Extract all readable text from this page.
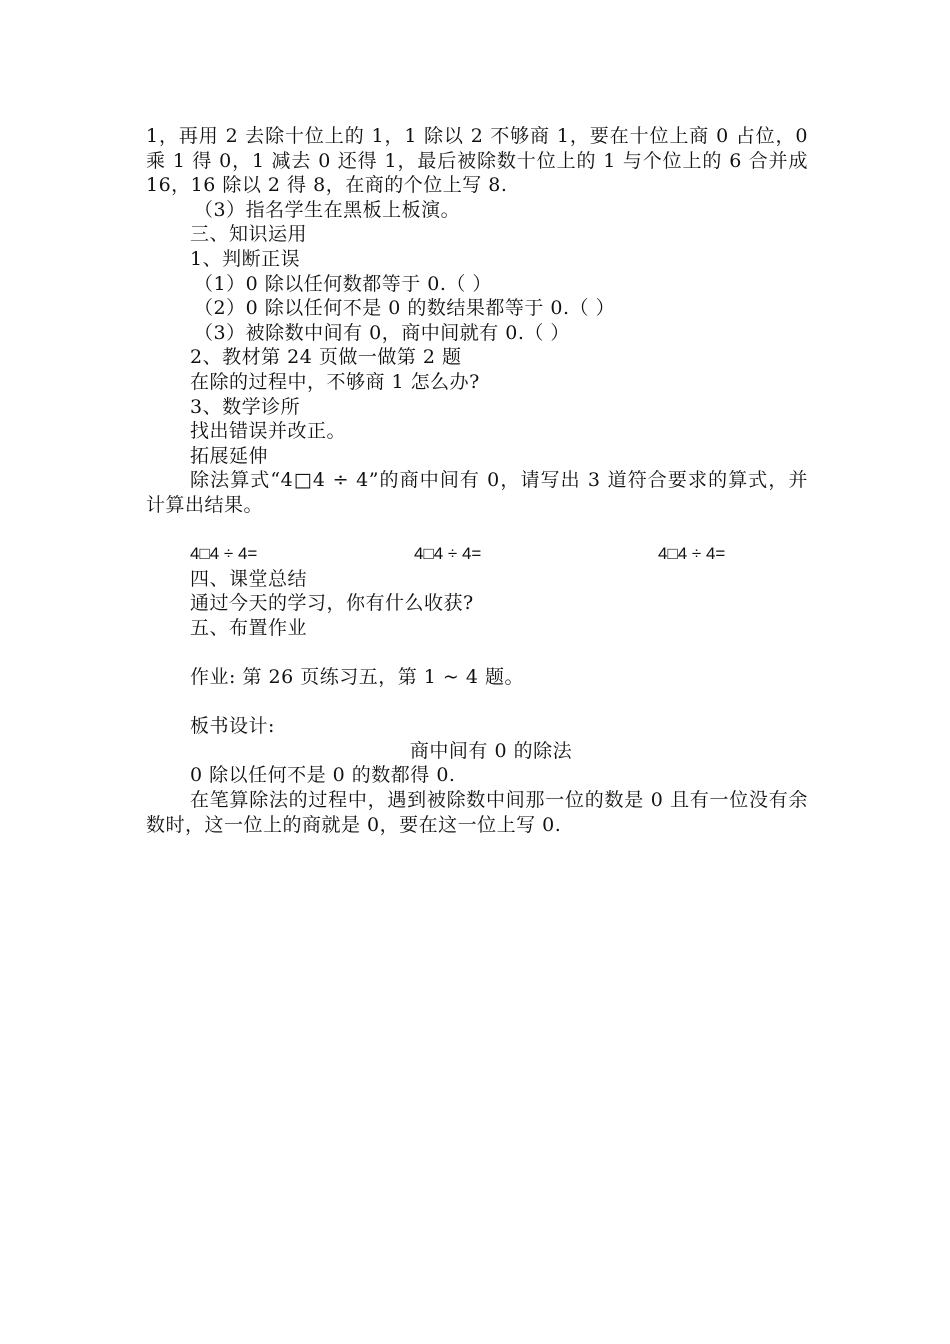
1，再用 2 去除十位上的 1，1 除以 2 不够商 1，要在十位上商 0 占位，0 乘 1 得 0，1 减去 0 还得 1，最后被除数十位上的 1 与个位上的 6 合并成 16，16 除以 2 得 8，在商的个位上写 8.

（3）指名学生在黑板上板演。

三、知识运用

1、判断正误

（1）0 除以任何数都等于 0.（ ）

（2）0 除以任何不是 0 的数结果都等于 0.（ ）

（3）被除数中间有 0，商中间就有 0.（ ）

2、教材第 24 页做一做第 2 题

在除的过程中，不够商 1 怎么办?

3、数学诊所

找出错误并改正。

拓展延伸

除法算式“4□4 ÷ 4”的商中间有 0，请写出 3 道符合要求的算式，并计算出结果。

4□4 ÷ 4=	4□4 ÷ 4=	4□4 ÷ 4=

四、课堂总结

通过今天的学习，你有什么收获?

五、布置作业

作业: 第 26 页练习五，第 1 ~ 4 题。

板书设计:

商中间有 0 的除法

0 除以任何不是 0 的数都得 0.

在笔算除法的过程中，遇到被除数中间那一位的数是 0 且有一位没有余数时，这一位上的商就是 0，要在这一位上写 0.
